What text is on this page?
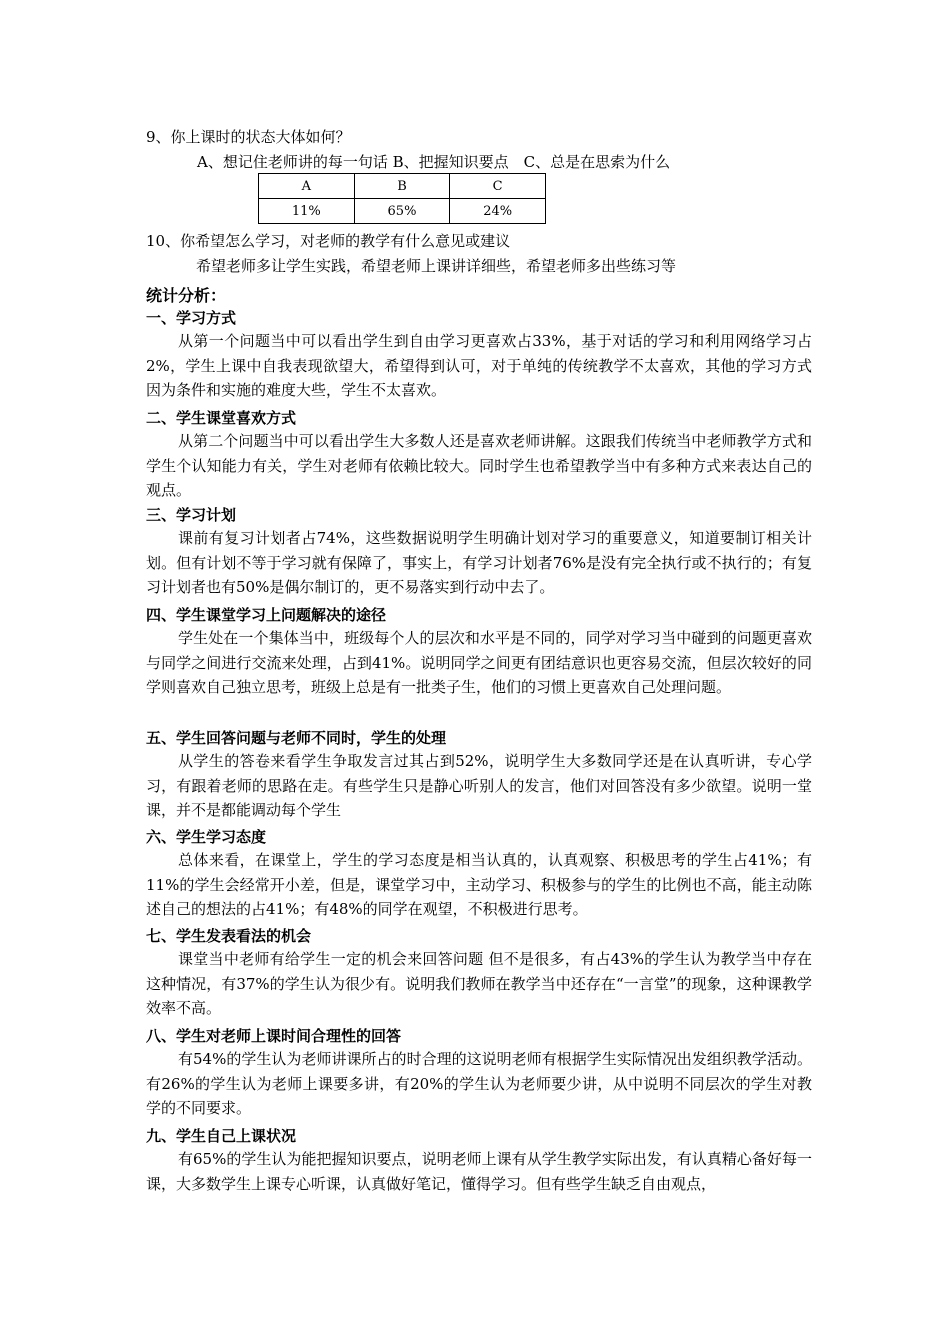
9、你上课时的状态大体如何？
A、想记住老师讲的每一句话 B、把握知识要点　C、总是在思索为什么
A	B	C
11%	65%	24%
10、你希望怎么学习，对老师的教学有什么意见或建议
希望老师多让学生实践，希望老师上课讲详细些，希望老师多出些练习等
统计分析：
一、学习方式

从第一个问题当中可以看出学生到自由学习更喜欢占33%，基于对话的学习和利用网络学习占2%，学生上课中自我表现欲望大，希望得到认可，对于单纯的传统教学不太喜欢，其他的学习方式因为条件和实施的难度大些，学生不太喜欢。

二、学生课堂喜欢方式

从第二个问题当中可以看出学生大多数人还是喜欢老师讲解。这跟我们传统当中老师教学方式和学生个认知能力有关，学生对老师有依赖比较大。同时学生也希望教学当中有多种方式来表达自己的观点。

三、学习计划

课前有复习计划者占74%，这些数据说明学生明确计划对学习的重要意义，知道要制订相关计划。但有计划不等于学习就有保障了，事实上，有学习计划者76%是没有完全执行或不执行的；有复习计划者也有50%是偶尔制订的，更不易落实到行动中去了。

四、学生课堂学习上问题解决的途径

学生处在一个集体当中，班级每个人的层次和水平是不同的，同学对学习当中碰到的问题更喜欢与同学之间进行交流来处理，占到41%。说明同学之间更有团结意识也更容易交流，但层次较好的同学则喜欢自己独立思考，班级上总是有一批类子生，他们的习惯上更喜欢自己处理问题。

五、学生回答问题与老师不同时，学生的处理

从学生的答卷来看学生争取发言过其占到52%，说明学生大多数同学还是在认真听讲，专心学习，有跟着老师的思路在走。有些学生只是静心听别人的发言，他们对回答没有多少欲望。说明一堂课，并不是都能调动每个学生

六、学生学习态度

总体来看，在课堂上，学生的学习态度是相当认真的，认真观察、积极思考的学生占41%；有11%的学生会经常开小差，但是，课堂学习中，主动学习、积极参与的学生的比例也不高，能主动陈述自己的想法的占41%；有48%的同学在观望，不积极进行思考。

七、学生发表看法的机会

课堂当中老师有给学生一定的机会来回答问题 但不是很多，有占43%的学生认为教学当中存在这种情况，有37%的学生认为很少有。说明我们教师在教学当中还存在“一言堂”的现象，这种课教学效率不高。

八、学生对老师上课时间合理性的回答

有54%的学生认为老师讲课所占的时合理的这说明老师有根据学生实际情况出发组织教学活动。有26%的学生认为老师上课要多讲，有20%的学生认为老师要少讲，从中说明不同层次的学生对教学的不同要求。

九、学生自己上课状况

有65%的学生认为能把握知识要点，说明老师上课有从学生教学实际出发，有认真精心备好每一课，大多数学生上课专心听课，认真做好笔记，懂得学习。但有些学生缺乏自由观点，
